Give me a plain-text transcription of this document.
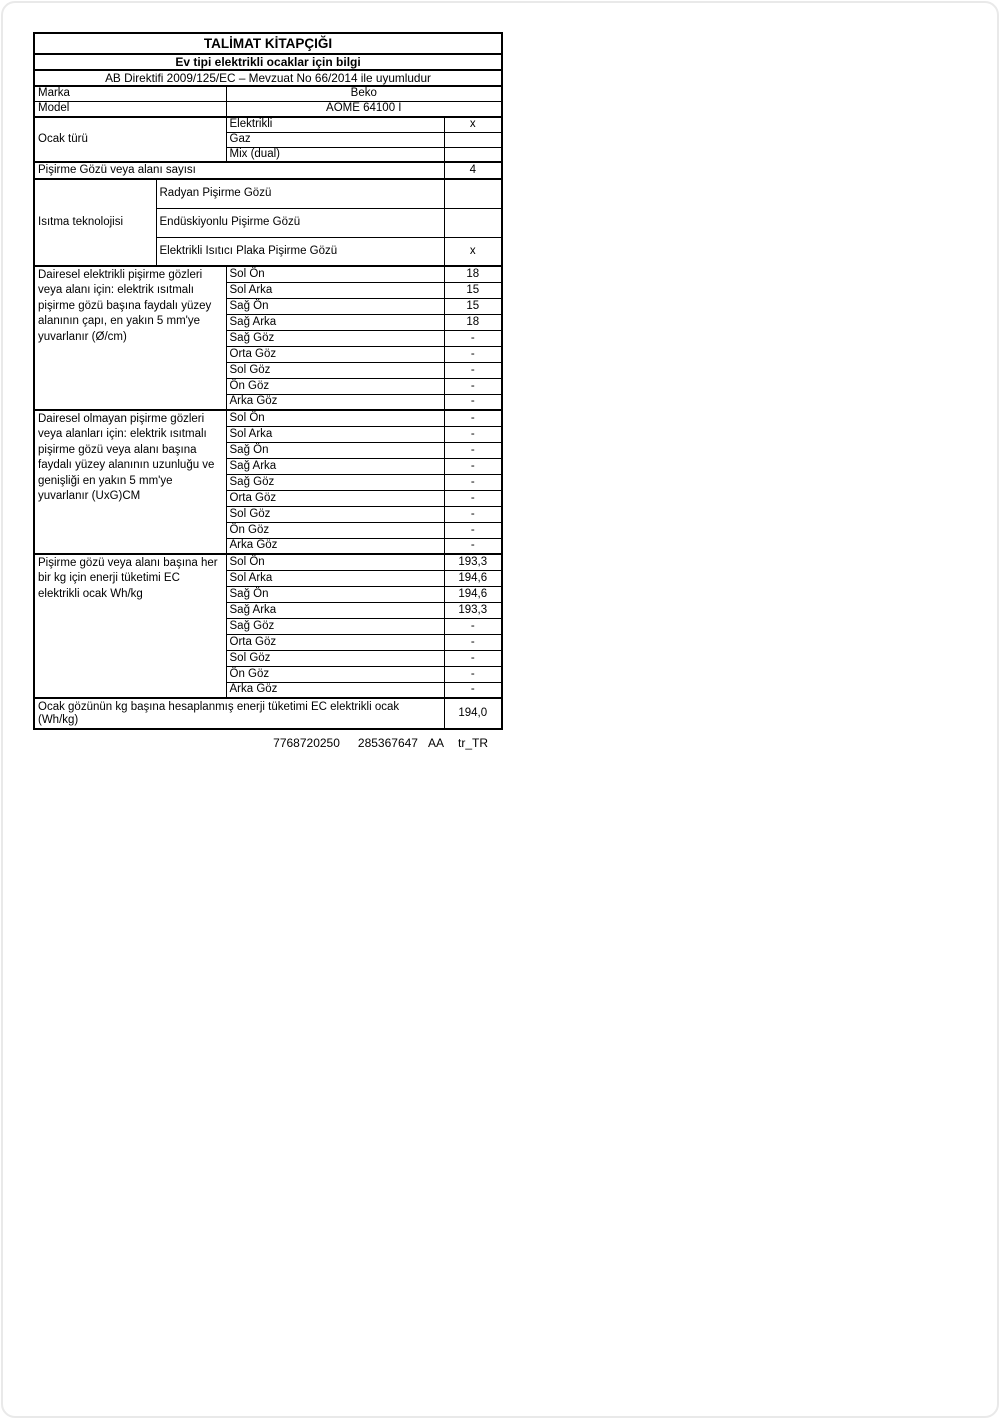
TALİMAT KİTAPÇIĞI			
Ev tipi elektrikli ocaklar için bilgi			
AB Direktifi 2009/125/EC – Mevzuat No 66/2014 ile uyumludur			
Marka		Beko	
Model		AOME 64100 I	
Ocak türü		Elektrikli	x
		Gaz	
		Mix (dual)	
Pişirme Gözü veya alanı sayısı			4
Isıtma teknolojisi	Radyan Pişirme Gözü		
	Endüskiyonlu Pişirme Gözü		
	Elektrikli Isıtıcı Plaka Pişirme Gözü		x
Dairesel elektrikli pişirme gözleri veya alanı için: elektrik ısıtmalı pişirme gözü başına faydalı yüzey alanının çapı, en yakın 5 mm'ye yuvarlanır (Ø/cm)		Sol Ön	18
		Sol Arka	15
		Sağ Ön	15
		Sağ Arka	18
		Sağ Göz	-
		Orta Göz	-
		Sol Göz	-
		Ön Göz	-
		Arka Göz	-
Dairesel olmayan pişirme gözleri veya alanları için: elektrik ısıtmalı pişirme gözü veya alanı başına faydalı yüzey alanının uzunluğu ve genişliği en yakın 5 mm'ye yuvarlanır (UxG)CM		Sol Ön	-
		Sol Arka	-
		Sağ Ön	-
		Sağ Arka	-
		Sağ Göz	-
		Orta Göz	-
		Sol Göz	-
		Ön Göz	-
		Arka Göz	-
Pişirme gözü veya alanı başına her bir kg için enerji tüketimi EC elektrikli ocak Wh/kg		Sol Ön	193,3
		Sol Arka	194,6
		Sağ Ön	194,6
		Sağ Arka	193,3
		Sağ Göz	-
		Orta Göz	-
		Sol Göz	-
		Ön Göz	-
		Arka Göz	-
Ocak gözünün kg başına hesaplanmış enerji tüketimi EC elektrikli ocak (Wh/kg)			194,0
7768720250 285367647 AA tr_TR
